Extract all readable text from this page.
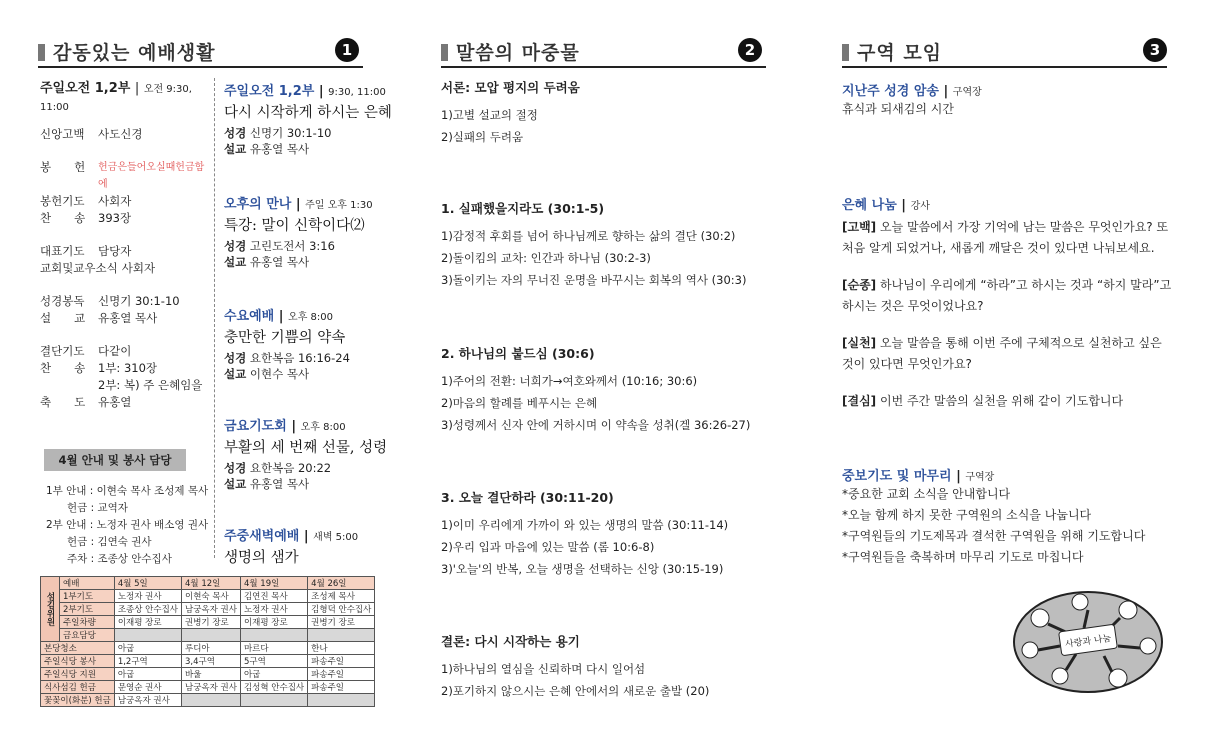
감동있는 예배생활	1
주일오전 1,2부 | 오전 9:30, 11:00
신앙고백	사도신경
봉　　헌	헌금은들어오실때헌금함에
봉헌기도	사회자
찬　　송	393장
대표기도	담당자
교회및교우소식 사회자
성경봉독	신명기 30:1-10
설　　교	유홍열 목사
결단기도	다같이
찬　　송	1부: 310장
2부: 복) 주 은혜임을
축　　도	유홍열
주일오전 1,2부 | 9:30, 11:00
다시 시작하게 하시는 은혜
성경 신명기 30:1-10
설교 유홍열 목사
오후의 만나 | 주일 오후 1:30
특강: 말이 신학이다⑵
성경 고린도전서 3:16
설교 유홍열 목사
수요예배 | 오후 8:00
충만한 기쁨의 약속
성경 요한복음 16:16-24
설교 이현수 목사
금요기도회 | 오후 8:00
부활의 세 번째 선물, 성령
성경 요한복음 20:22
설교 유홍열 목사
주중새벽예배 | 새벽 5:00
생명의 샘가
4월 안내 및 봉사 담당
1부 안내 : 이현숙 목사 조성제 목사
　　헌금 : 교역자
2부 안내 : 노정자 권사 배소영 권사
　　헌금 : 김연숙 권사
　　주차 : 조종상 안수집사
섬김위원	예배	4월 5일	4월 12일	4월 19일	4월 26일
	1부기도	노정자 권사	이현숙 목사	김연진 목사	조성제 목사
	2부기도	조종상 안수집사	남궁옥자 권사	노정자 권사	김형덕 안수집사
	주일차량	이재평 장로	권병기 장로	이재평 장로	권병기 장로
	금요담당				
본당청소		아굽	루디아	마르다	한나
주일식당 봉사		1,2구역	3,4구역	5구역	파송주일
주일식당 지원		아굽	바울	아굽	파송주일
식사섬김 헌금		문영순 권사	남궁옥자 권사	김성혁 안수집사	파송주일
꽃꽂이(화분) 헌금		남궁옥자 권사			
말씀의 마중물	2
서론: 모압 평지의 두려움
1)고별 설교의 절정
2)실패의 두려움
1. 실패했을지라도 (30:1-5)
1)감정적 후회를 넘어 하나님께로 향하는 삶의 결단 (30:2)
2)돌이킴의 교차: 인간과 하나님 (30:2-3)
3)돌이키는 자의 무너진 운명을 바꾸시는 회복의 역사 (30:3)
2. 하나님의 붙드심 (30:6)
1)주어의 전환: 너희가→여호와께서 (10:16; 30:6)
2)마음의 할례를 베푸시는 은혜
3)성령께서 신자 안에 거하시며 이 약속을 성취(겔 36:26-27)
3. 오늘 결단하라 (30:11-20)
1)이미 우리에게 가까이 와 있는 생명의 말씀 (30:11-14)
2)우리 입과 마음에 있는 말씀 (롬 10:6-8)
3)'오늘'의 반복, 오늘 생명을 선택하는 신앙 (30:15-19)
결론: 다시 시작하는 용기
1)하나님의 열심을 신뢰하며 다시 일어섬
2)포기하지 않으시는 은혜 안에서의 새로운 출발 (20)
구역 모임	3
지난주 성경 암송 | 구역장
휴식과 되새김의 시간
은혜 나눔 | 강사
[고백] 오늘 말씀에서 가장 기억에 남는 말씀은 무엇인가요? 또 처음 알게 되었거나, 새롭게 깨달은 것이 있다면 나눠보세요.
[순종] 하나님이 우리에게 “하라”고 하시는 것과 “하지 말라”고 하시는 것은 무엇이었나요?
[실천] 오늘 말씀을 통해 이번 주에 구체적으로 실천하고 싶은 것이 있다면 무엇인가요?
[결심] 이번 주간 말씀의 실천을 위해 같이 기도합니다
중보기도 및 마무리 | 구역장
*중요한 교회 소식을 안내합니다
*오늘 함께 하지 못한 구역원의 소식을 나눕니다
*구역원들의 기도제목과 결석한 구역원을 위해 기도합니다
*구역원들을 축복하며 마무리 기도로 마칩니다
사랑과 나눔
